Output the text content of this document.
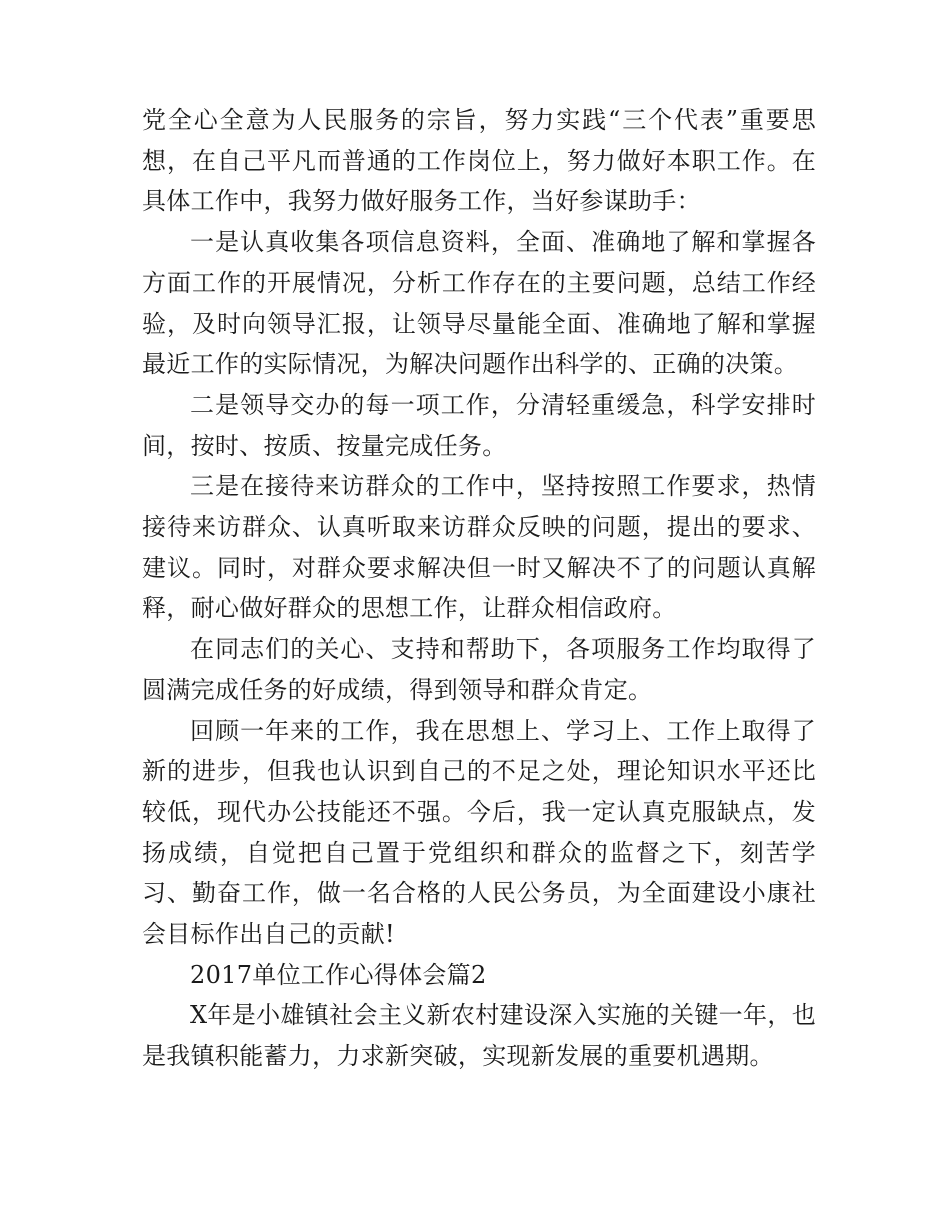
党全心全意为人民服务的宗旨，努力实践“三个代表”重要思想，在自己平凡而普通的工作岗位上，努力做好本职工作。在具体工作中，我努力做好服务工作，当好参谋助手：

一是认真收集各项信息资料，全面、准确地了解和掌握各方面工作的开展情况，分析工作存在的主要问题，总结工作经验，及时向领导汇报，让领导尽量能全面、准确地了解和掌握最近工作的实际情况，为解决问题作出科学的、正确的决策。

二是领导交办的每一项工作，分清轻重缓急，科学安排时间，按时、按质、按量完成任务。

三是在接待来访群众的工作中，坚持按照工作要求，热情接待来访群众、认真听取来访群众反映的问题，提出的要求、建议。同时，对群众要求解决但一时又解决不了的问题认真解释，耐心做好群众的思想工作，让群众相信政府。

在同志们的关心、支持和帮助下，各项服务工作均取得了圆满完成任务的好成绩，得到领导和群众肯定。

回顾一年来的工作，我在思想上、学习上、工作上取得了新的进步，但我也认识到自己的不足之处，理论知识水平还比较低，现代办公技能还不强。今后，我一定认真克服缺点，发扬成绩，自觉把自己置于党组织和群众的监督之下，刻苦学习、勤奋工作，做一名合格的人民公务员，为全面建设小康社会目标作出自己的贡献!

2017单位工作心得体会篇2

X年是小雄镇社会主义新农村建设深入实施的关键一年，也是我镇积能蓄力，力求新突破，实现新发展的重要机遇期。
